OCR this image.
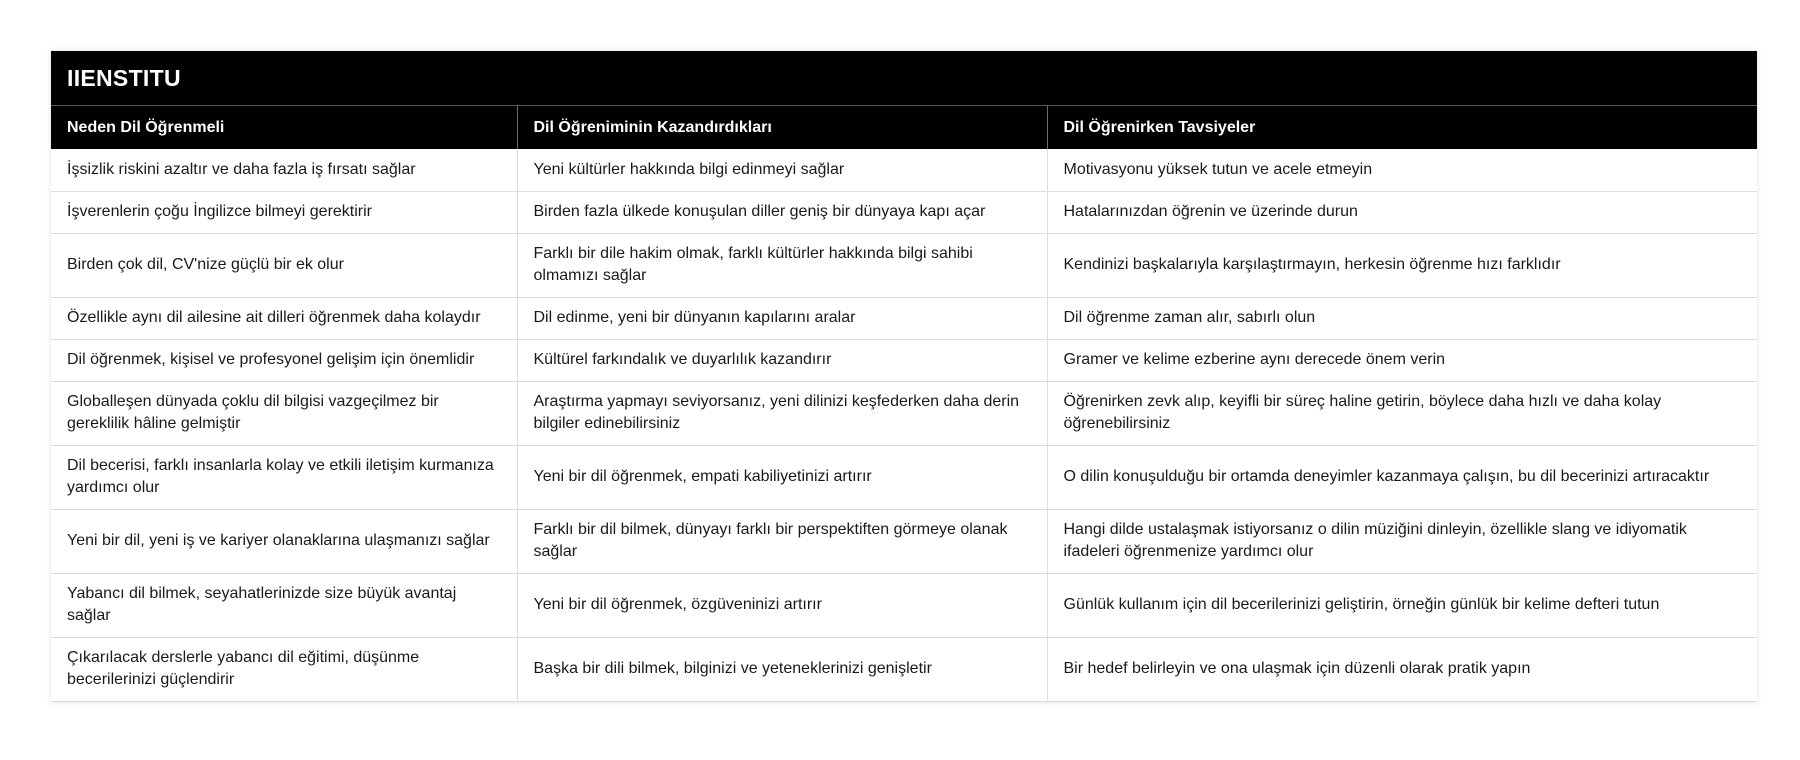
IIENSTITU
Neden Dil Öğrenmeli	Dil Öğreniminin Kazandırdıkları	Dil Öğrenirken Tavsiyeler
İşsizlik riskini azaltır ve daha fazla iş fırsatı sağlar	Yeni kültürler hakkında bilgi edinmeyi sağlar	Motivasyonu yüksek tutun ve acele etmeyin
İşverenlerin çoğu İngilizce bilmeyi gerektirir	Birden fazla ülkede konuşulan diller geniş bir dünyaya kapı açar	Hatalarınızdan öğrenin ve üzerinde durun
Birden çok dil, CV'nize güçlü bir ek olur	Farklı bir dile hakim olmak, farklı kültürler hakkında bilgi sahibi olmamızı sağlar	Kendinizi başkalarıyla karşılaştırmayın, herkesin öğrenme hızı farklıdır
Özellikle aynı dil ailesine ait dilleri öğrenmek daha kolaydır	Dil edinme, yeni bir dünyanın kapılarını aralar	Dil öğrenme zaman alır, sabırlı olun
Dil öğrenmek, kişisel ve profesyonel gelişim için önemlidir	Kültürel farkındalık ve duyarlılık kazandırır	Gramer ve kelime ezberine aynı derecede önem verin
Globalleşen dünyada çoklu dil bilgisi vazgeçilmez bir gereklilik hâline gelmiştir	Araştırma yapmayı seviyorsanız, yeni dilinizi keşfederken daha derin bilgiler edinebilirsiniz	Öğrenirken zevk alıp, keyifli bir süreç haline getirin, böylece daha hızlı ve daha kolay öğrenebilirsiniz
Dil becerisi, farklı insanlarla kolay ve etkili iletişim kurmanıza yardımcı olur	Yeni bir dil öğrenmek, empati kabiliyetinizi artırır	O dilin konuşulduğu bir ortamda deneyimler kazanmaya çalışın, bu dil becerinizi artıracaktır
Yeni bir dil, yeni iş ve kariyer olanaklarına ulaşmanızı sağlar	Farklı bir dil bilmek, dünyayı farklı bir perspektiften görmeye olanak sağlar	Hangi dilde ustalaşmak istiyorsanız o dilin müziğini dinleyin, özellikle slang ve idiyomatik ifadeleri öğrenmenize yardımcı olur
Yabancı dil bilmek, seyahatlerinizde size büyük avantaj sağlar	Yeni bir dil öğrenmek, özgüveninizi artırır	Günlük kullanım için dil becerilerinizi geliştirin, örneğin günlük bir kelime defteri tutun
Çıkarılacak derslerle yabancı dil eğitimi, düşünme becerilerinizi güçlendirir	Başka bir dili bilmek, bilginizi ve yeteneklerinizi genişletir	Bir hedef belirleyin ve ona ulaşmak için düzenli olarak pratik yapın
